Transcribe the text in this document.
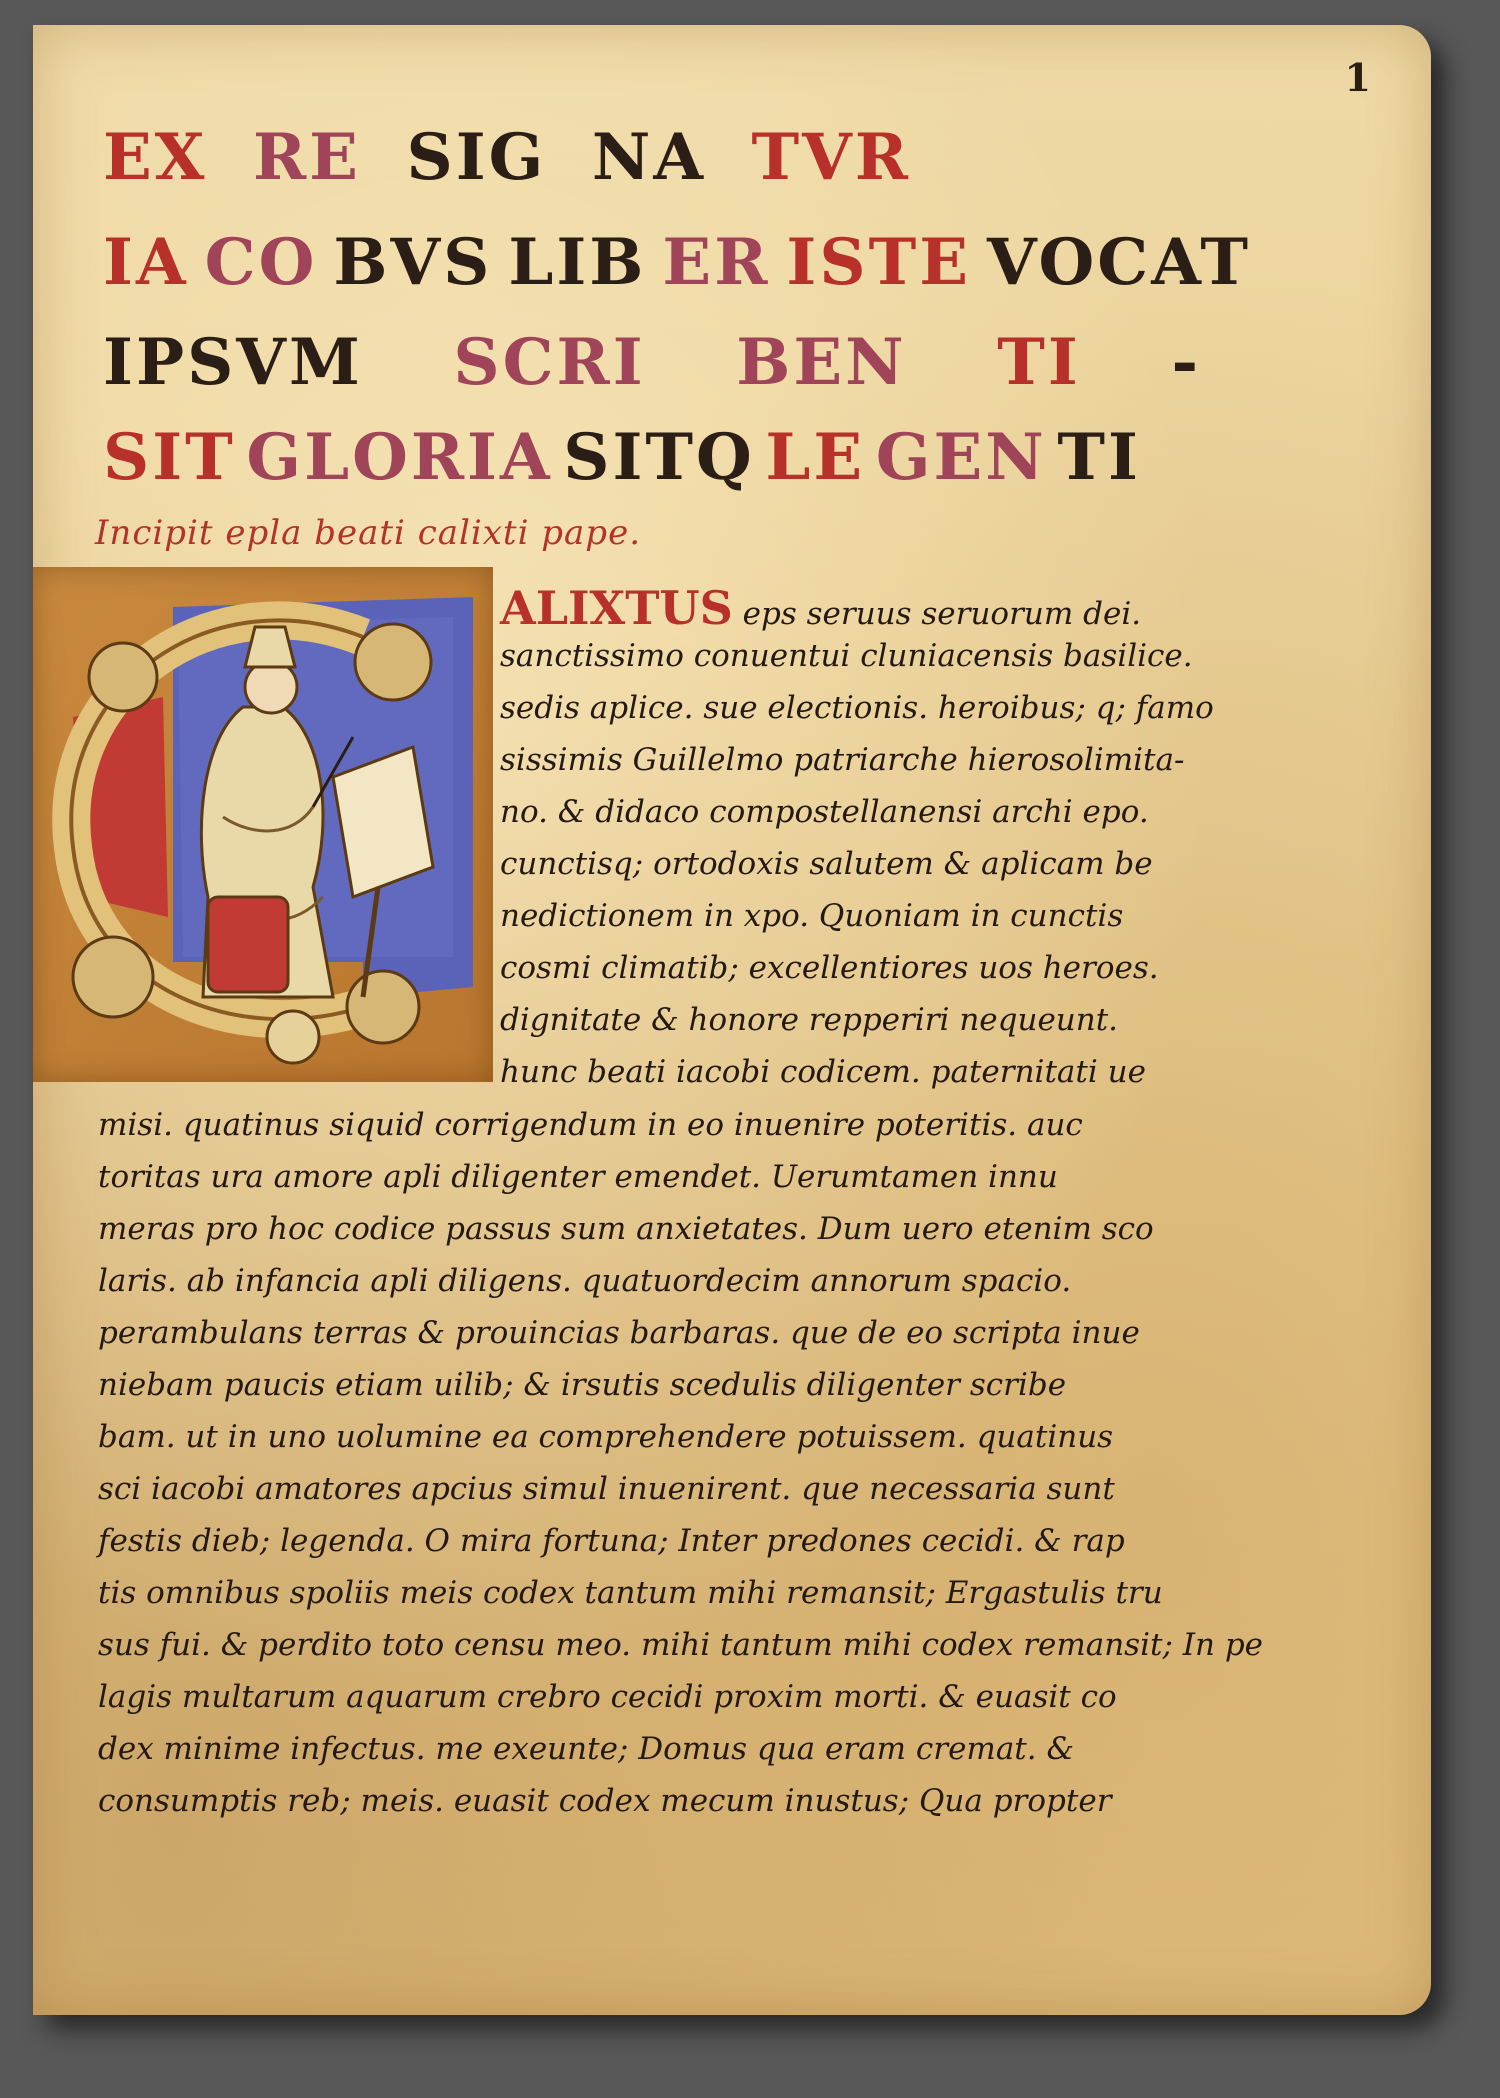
1
EX RE SIG NA TVR
IA CO BVS LIB ER ISTE VOCAT
IPSVM SCRI BEN TI -
SIT GLORIA SITQ LE GEN TI
Incipit epla beati calixti pape.
ALIXTUS eps seruus seruorum dei.
sanctissimo conuentui cluniacensis basilice.
sedis aplice. sue electionis. heroibus; q; famo
sissimis Guillelmo patriarche hierosolimita-
no. & didaco compostellanensi archi epo.
cunctisq; ortodoxis salutem & aplicam be
nedictionem in xpo. Quoniam in cunctis
cosmi climatib; excellentiores uos heroes.
dignitate & honore repperiri nequeunt.
hunc beati iacobi codicem. paternitati ue
misi. quatinus siquid corrigendum in eo inuenire poteritis. auc
toritas ura amore apli diligenter emendet. Uerumtamen innu
meras pro hoc codice passus sum anxietates. Dum uero etenim sco
laris. ab infancia apli diligens. quatuordecim annorum spacio.
perambulans terras & prouincias barbaras. que de eo scripta inue
niebam paucis etiam uilib; & irsutis scedulis diligenter scribe
bam. ut in uno uolumine ea comprehendere potuissem. quatinus
sci iacobi amatores apcius simul inuenirent. que necessaria sunt
festis dieb; legenda. O mira fortuna; Inter predones cecidi. & rap
tis omnibus spoliis meis codex tantum mihi remansit; Ergastulis tru
sus fui. & perdito toto censu meo. mihi tantum mihi codex remansit; In pe
lagis multarum aquarum crebro cecidi proxim morti. & euasit co
dex minime infectus. me exeunte; Domus qua eram cremat. &
consumptis reb; meis. euasit codex mecum inustus; Qua propter
